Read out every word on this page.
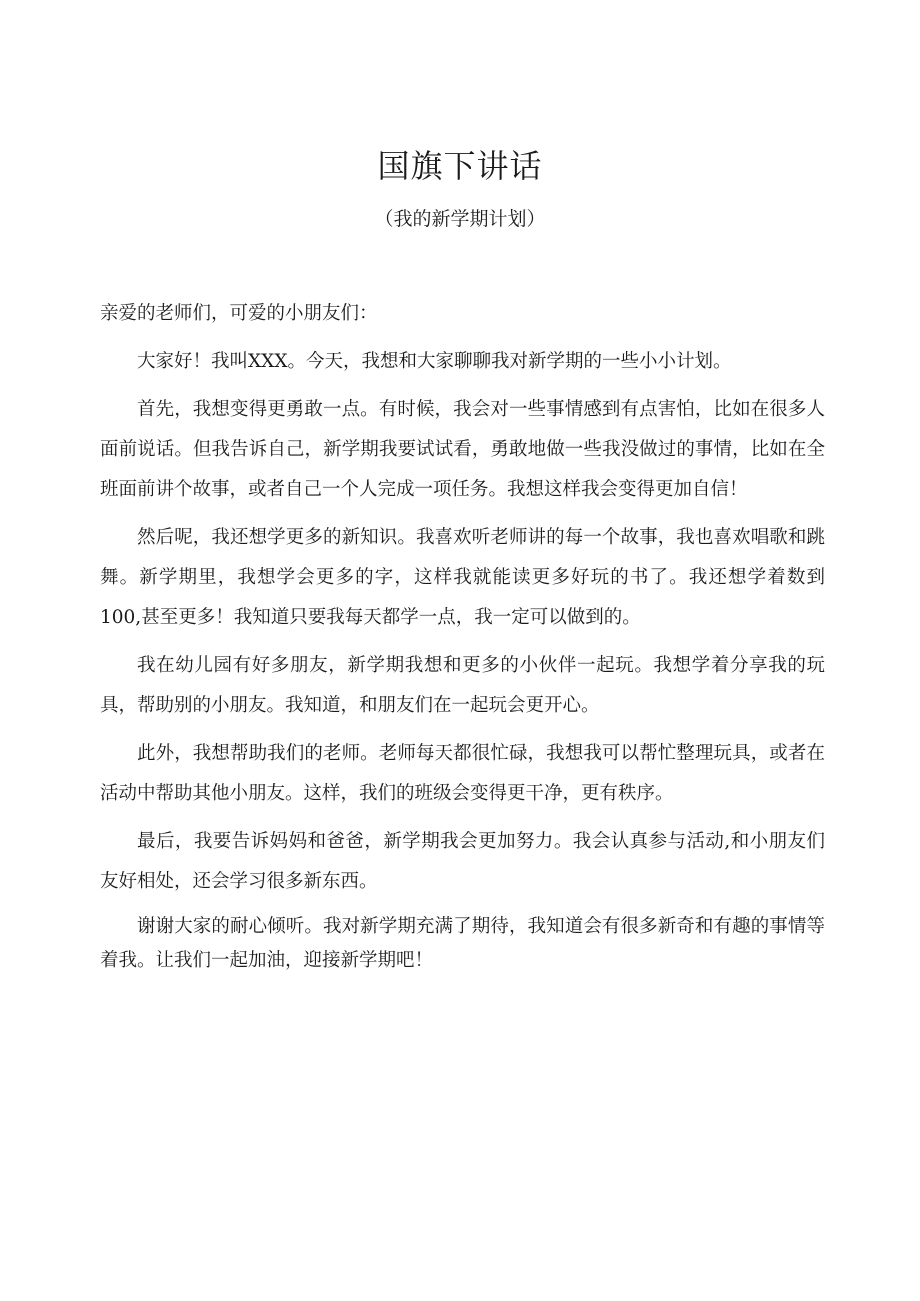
国旗下讲话
（我的新学期计划）

亲爱的老师们，可爱的小朋友们：

大家好！我叫XXX。今天，我想和大家聊聊我对新学期的一些小小计划。

首先，我想变得更勇敢一点。有时候，我会对一些事情感到有点害怕，比如在很多人面前说话。但我告诉自己，新学期我要试试看，勇敢地做一些我没做过的事情，比如在全班面前讲个故事，或者自己一个人完成一项任务。我想这样我会变得更加自信！

然后呢，我还想学更多的新知识。我喜欢听老师讲的每一个故事，我也喜欢唱歌和跳舞。新学期里，我想学会更多的字，这样我就能读更多好玩的书了。我还想学着数到100,甚至更多！我知道只要我每天都学一点，我一定可以做到的。

我在幼儿园有好多朋友，新学期我想和更多的小伙伴一起玩。我想学着分享我的玩具，帮助别的小朋友。我知道，和朋友们在一起玩会更开心。

此外，我想帮助我们的老师。老师每天都很忙碌，我想我可以帮忙整理玩具，或者在活动中帮助其他小朋友。这样，我们的班级会变得更干净，更有秩序。

最后，我要告诉妈妈和爸爸，新学期我会更加努力。我会认真参与活动,和小朋友们友好相处，还会学习很多新东西。

谢谢大家的耐心倾听。我对新学期充满了期待，我知道会有很多新奇和有趣的事情等着我。让我们一起加油，迎接新学期吧！
